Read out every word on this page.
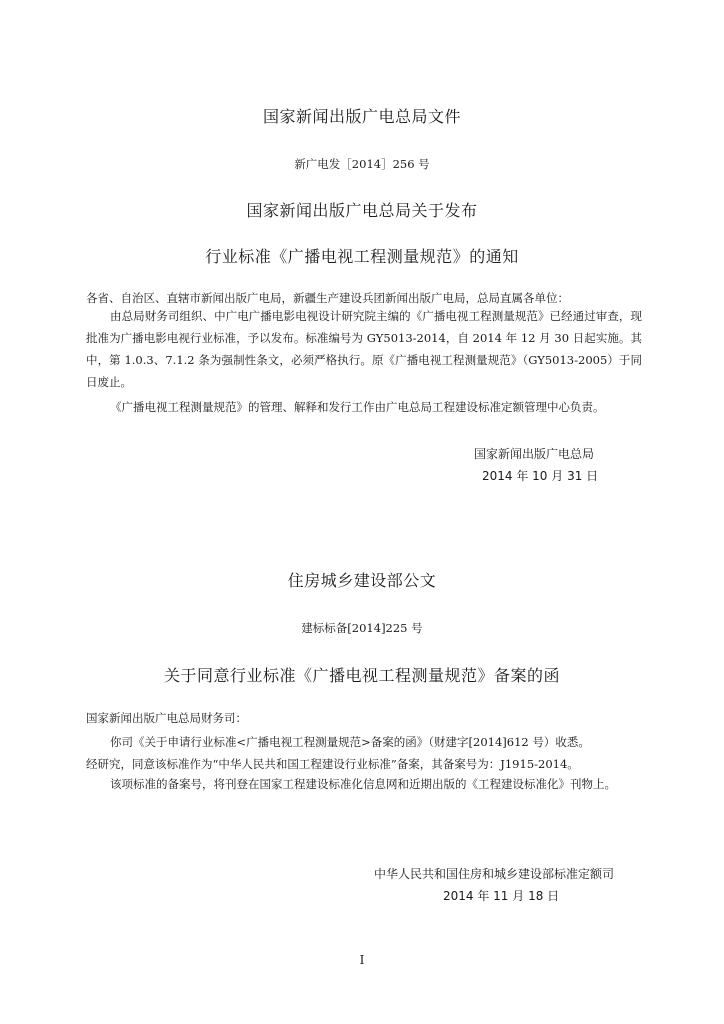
国家新闻出版广电总局文件
新广电发［2014］256 号
国家新闻出版广电总局关于发布
行业标准《广播电视工程测量规范》的通知
各省、自治区、直辖市新闻出版广电局，新疆生产建设兵团新闻出版广电局，总局直属各单位：
由总局财务司组织、中广电广播电影电视设计研究院主编的《广播电视工程测量规范》已经通过审查，现批准为广播电影电视行业标准，予以发布。标准编号为 GY5013-2014，自 2014 年 12 月 30 日起实施。其中，第 1.0.3、7.1.2 条为强制性条文，必须严格执行。原《广播电视工程测量规范》（GY5013-2005）于同日废止。
《广播电视工程测量规范》的管理、解释和发行工作由广电总局工程建设标准定额管理中心负责。
国家新闻出版广电总局
2014 年 10 月 31 日
住房城乡建设部公文
建标标备[2014]225 号
关于同意行业标准《广播电视工程测量规范》备案的函
国家新闻出版广电总局财务司：
你司《关于申请行业标准<广播电视工程测量规范>备案的函》（财建字[2014]612 号）收悉。
经研究，同意该标准作为“中华人民共和国工程建设行业标准”备案，其备案号为：J1915-2014。
该项标准的备案号，将刊登在国家工程建设标准化信息网和近期出版的《工程建设标准化》刊物上。
中华人民共和国住房和城乡建设部标准定额司
2014 年 11 月 18 日
I
